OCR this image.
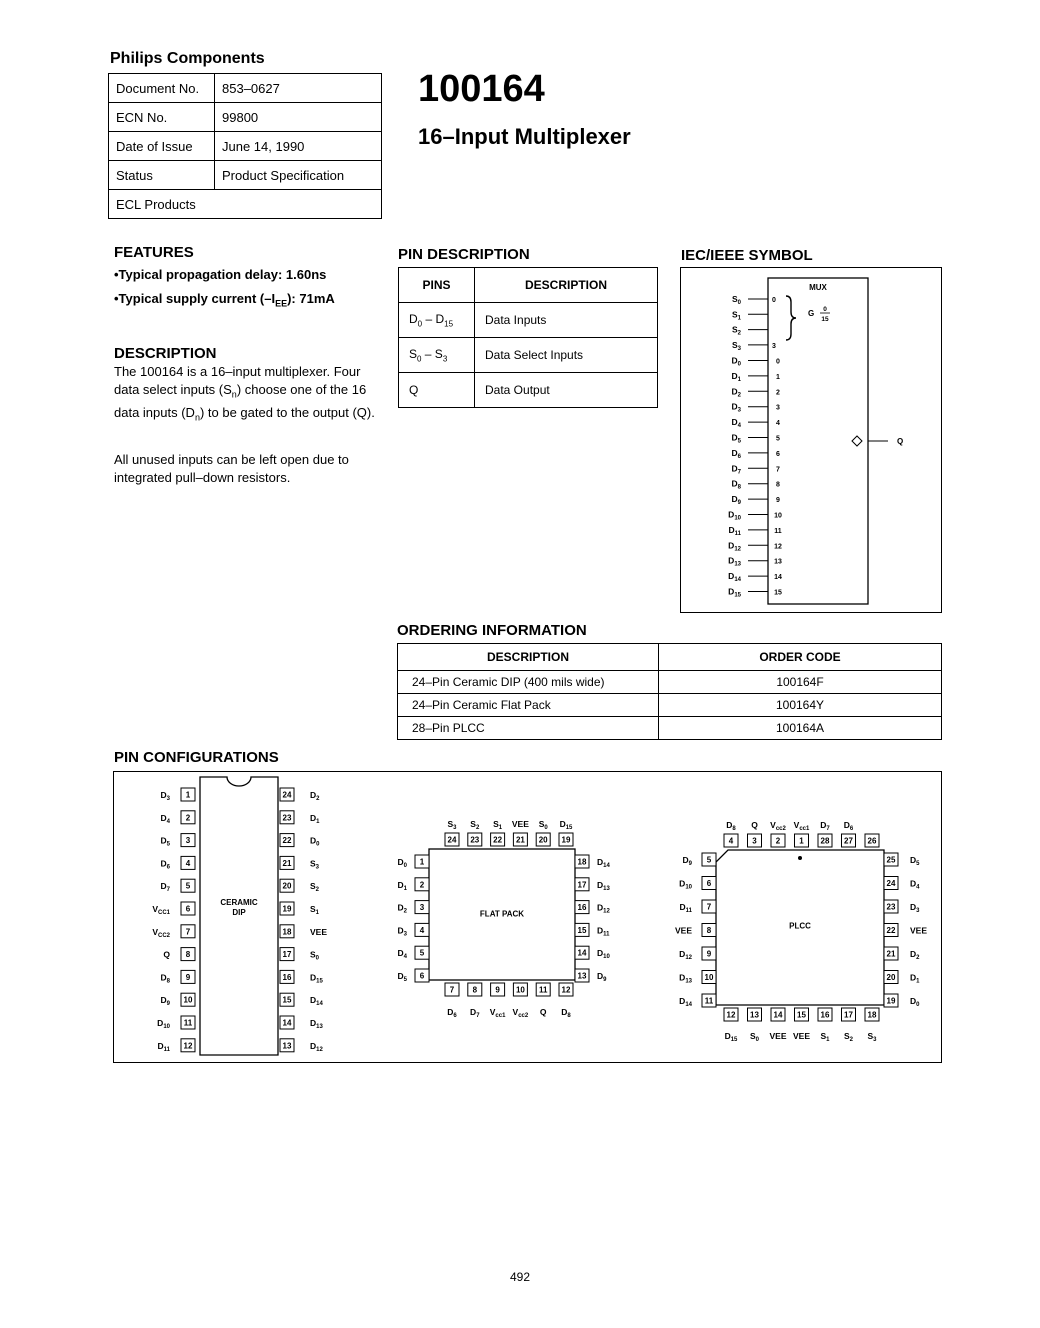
Philips Components
Document No.	853–0627
ECN No.	99800
Date of Issue	June 14, 1990
Status	Product Specification
ECL Products	
100164
16–Input Multiplexer
FEATURES
•Typical propagation delay: 1.60ns
•Typical supply current $(-I_{EE})$: 71mA
DESCRIPTION
The 100164 is a 16–input multiplexer. Four data select inputs $(S_n)$ choose one of the 16 data inputs $(D_n)$ to be gated to the output (Q).
All unused inputs can be left open due to integrated pull–down resistors.
PIN DESCRIPTION
PINS	DESCRIPTION
$D_0 - D_{15}$	Data Inputs
$S_0 - S_3$	Data Select Inputs
Q	Data Output
IEC/IEEE SYMBOL
MUX
$S_0$
$S_1$
$S_2$
$S_3$
0
3
G 0
15
$D_0$	0
$D_1$	1
$D_2$	2
$D_3$	3
$D_4$	4
$D_5$	5
$D_6$	6
$D_7$	7
$D_8$	8
$D_9$	9
$D_{10}$	10
$D_{11}$	11
$D_{12}$	12
$D_{13}$	13
$D_{14}$	14
$D_{15}$	15
Q
ORDERING INFORMATION
DESCRIPTION	ORDER CODE
24–Pin Ceramic DIP (400 mils wide)	100164F
24–Pin Ceramic Flat Pack	100164Y
28–Pin PLCC	100164A
PIN CONFIGURATIONS
CERAMIC
DIP
1
$D_3$
2
$D_4$
3
$D_5$
4
$D_6$
5
$D_7$
6
$V_{CC1}$
7
$V_{CC2}$
8
Q
9
$D_8$
10
$D_9$
11
$D_{10}$
12
$D_{11}$
24 $D_2$
23 $D_1$
22 $D_0$
21 $S_3$
20 $S_2$
19 $S_1$
18 VEE
17 $S_0$
16 $D_{15}$
15 $D_{14}$
14 $D_{13}$
13 $D_{12}$
FLAT PACK
24
$S_3$
23
$S_2$
22
$S_1$
21
VEE
20
$S_0$
19
$D_{15}$
7
$D_6$
8
$D_7$
9
$V_{cc1}$
10
$V_{cc2}$
11
Q
12
$D_8$
1
$D_0$
2
$D_1$
3
$D_2$
4
$D_3$
5
$D_4$
6
$D_5$
18 $D_{14}$
17 $D_{13}$
16 $D_{12}$
15 $D_{11}$
14 $D_{10}$
13 $D_9$
PLCC
4
$D_8$
3
Q
2
$V_{cc2}$
1
$V_{cc1}$
28
$D_7$
27
$D_6$
26
12
$D_{15}$
13
$S_0$
14
VEE
15
VEE
16
$S_1$
17
$S_2$
18
$S_3$
5
$D_9$
6
$D_{10}$
7
$D_{11}$
8
VEE
9
$D_{12}$
10
$D_{13}$
11
$D_{14}$
25 $D_5$
24 $D_4$
23 $D_3$
22 VEE
21 $D_2$
20 $D_1$
19 $D_0$
492
